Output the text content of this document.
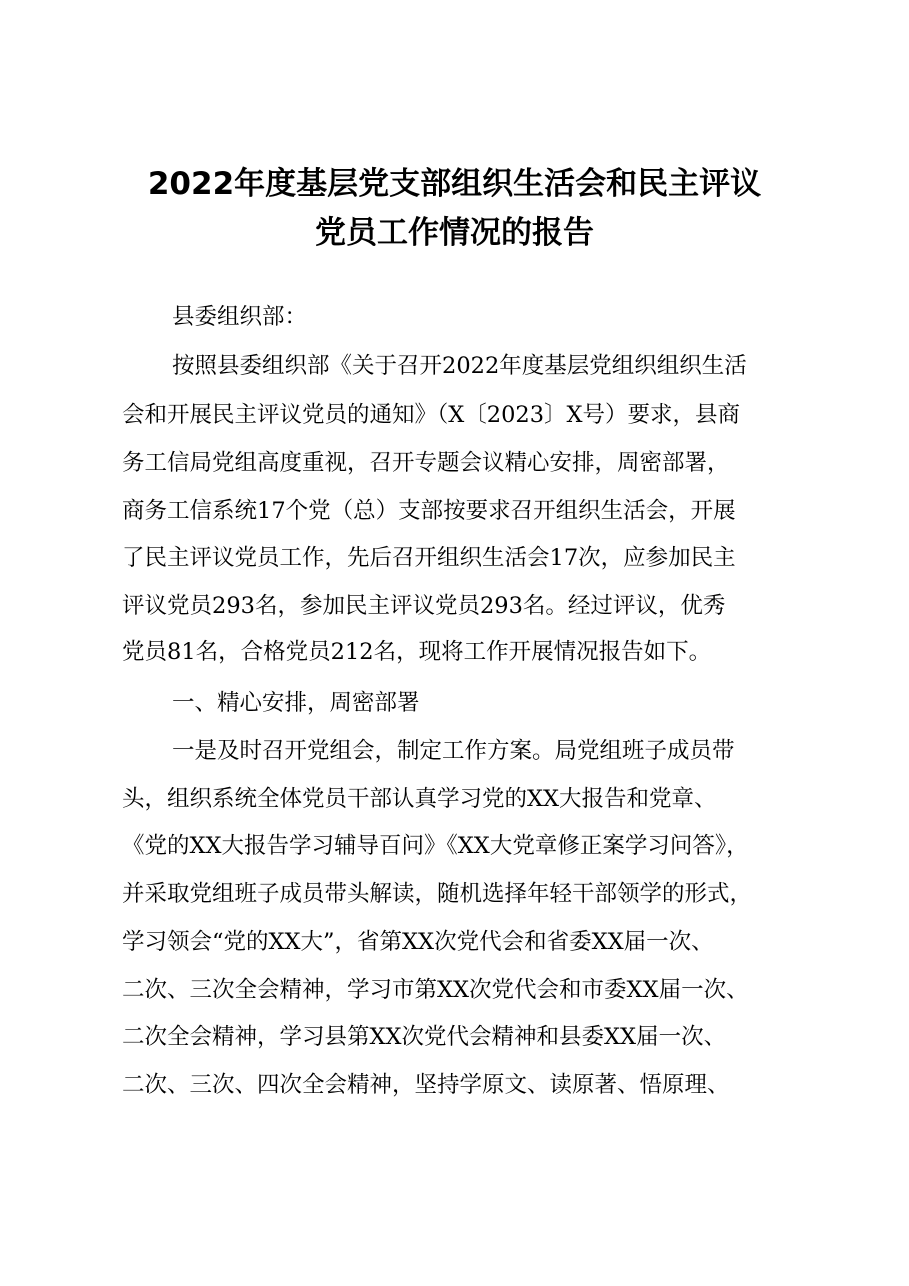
2022年度基层党支部组织生活会和民主评议
党员工作情况的报告
县委组织部：
按照县委组织部《关于召开2022年度基层党组织组织生活
会和开展民主评议党员的通知》（X〔2023〕X号）要求，县商
务工信局党组高度重视，召开专题会议精心安排，周密部署，
商务工信系统17个党（总）支部按要求召开组织生活会，开展
了民主评议党员工作，先后召开组织生活会17次，应参加民主
评议党员293名，参加民主评议党员293名。经过评议，优秀
党员81名，合格党员212名，现将工作开展情况报告如下。
一、精心安排，周密部署
一是及时召开党组会，制定工作方案。局党组班子成员带
头，组织系统全体党员干部认真学习党的XX大报告和党章、
《党的XX大报告学习辅导百问》《XX大党章修正案学习问答》，
并采取党组班子成员带头解读，随机选择年轻干部领学的形式，
学习领会“党的XX大”，省第XX次党代会和省委XX届一次、
二次、三次全会精神，学习市第XX次党代会和市委XX届一次、
二次全会精神，学习县第XX次党代会精神和县委XX届一次、
二次、三次、四次全会精神，坚持学原文、读原著、悟原理、
